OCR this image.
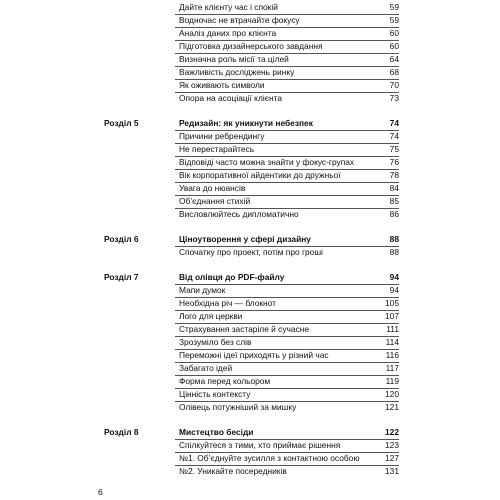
Дайте клієнту час і спокій	59
Водночас не втрачайте фокусу	59
Аналіз даних про клієнта	60
Підготовка дизайнерського завдання	60
Визначна роль місії та цілей	64
Важливість досліджень ринку	68
Як оживають символи	70
Опора на асоціації клієнта	73
Розділ 5	Редизайн: як уникнути небезпек	74
Причини ребрендингу	74
Не перестарайтесь	75
Відповіді часто можна знайти у фокус-групах	76
Вік корпоративної айдентики до дружньої	78
Увага до нюансів	84
Об’єднання стихій	85
Висловлюйтесь дипломатично	86
Розділ 6	Ціноутворення у сфері дизайну	88
Спочатку про проект, потім про гроші	88
Розділ 7	Від олівця до PDF-файлу	94
Мапи думок	94
Необхідна річ — блокнот	105
Лого для церкви	107
Страхування застаріле й сучасне	111
Зрозуміло без слів	114
Переможні ідеї приходять у різний час	116
Забагато ідей	117
Форма перед кольором	119
Цінність контексту	120
Олівець потужніший за мишку	121
Розділ 8	Мистецтво бесіди	122
Спілкуйтеся з тими, хто приймає рішення	123
№1. Об’єднуйте зусилля з контактною особою	127
№2. Уникайте посередників	131
6
